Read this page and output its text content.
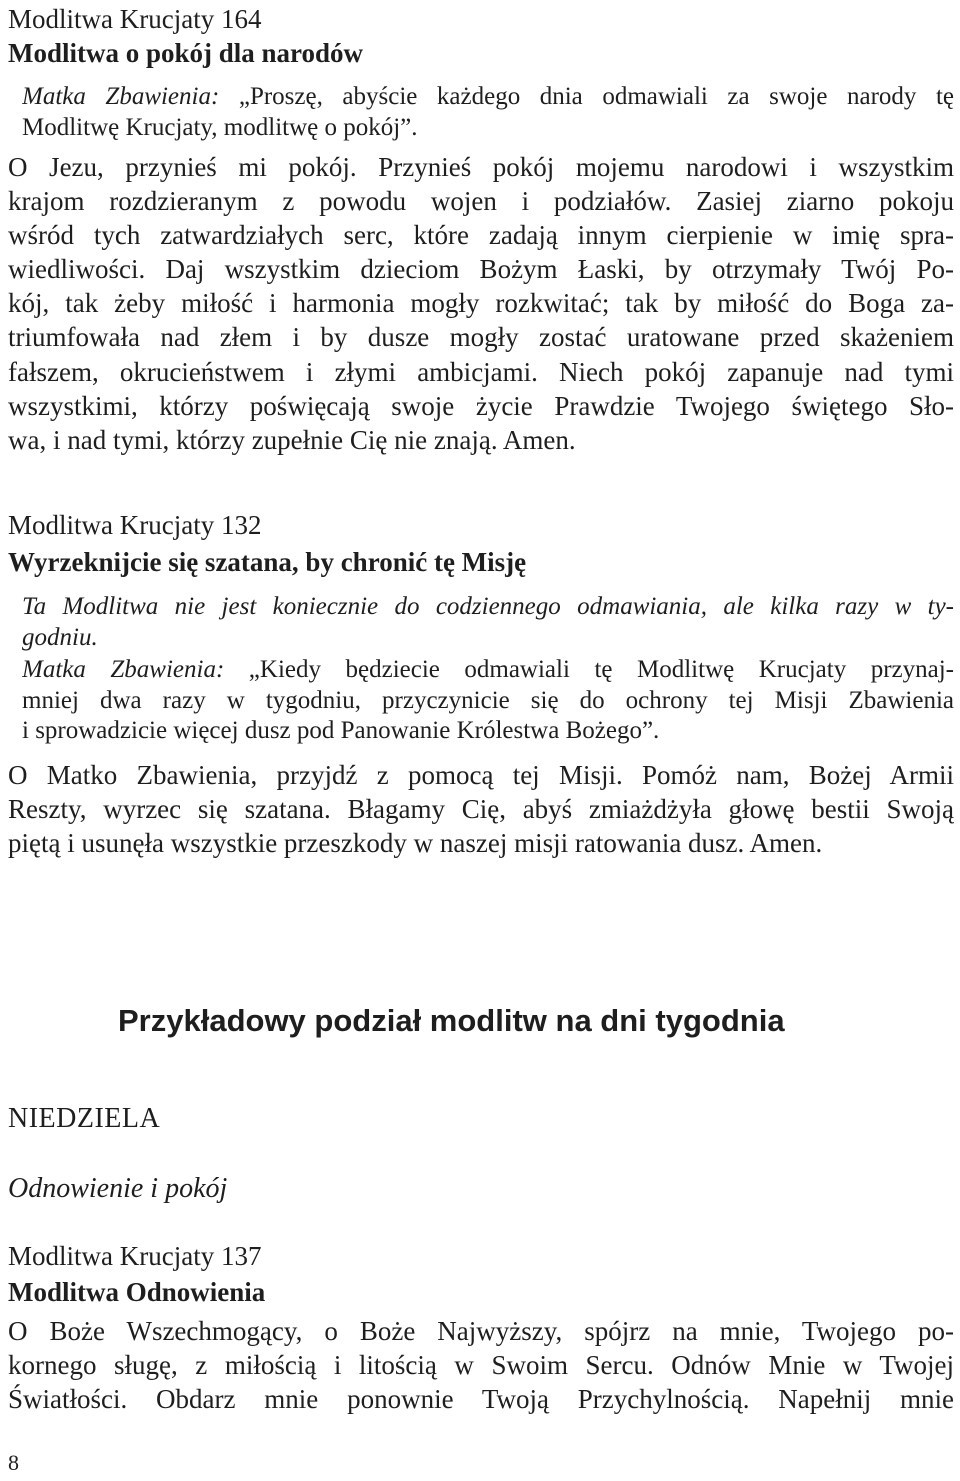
Modlitwa Krucjaty 164
Modlitwa o pokój dla narodów
Matka Zbawienia: „Proszę, abyście każdego dnia odmawiali za swoje narody tę
Modlitwę Krucjaty, modlitwę o pokój”.
O Jezu, przynieś mi pokój. Przynieś pokój mojemu narodowi i wszystkim
krajom rozdzieranym z powodu wojen i podziałów. Zasiej ziarno pokoju
wśród tych zatwardziałych serc, które zadają innym cierpienie w imię spra-
wiedliwości. Daj wszystkim dzieciom Bożym Łaski, by otrzymały Twój Po-
kój, tak żeby miłość i harmonia mogły rozkwitać; tak by miłość do Boga za-
triumfowała nad złem i by dusze mogły zostać uratowane przed skażeniem
fałszem, okrucieństwem i złymi ambicjami. Niech pokój zapanuje nad tymi
wszystkimi, którzy poświęcają swoje życie Prawdzie Twojego świętego Sło-
wa, i nad tymi, którzy zupełnie Cię nie znają. Amen.
Modlitwa Krucjaty 132
Wyrzeknijcie się szatana, by chronić tę Misję
Ta Modlitwa nie jest koniecznie do codziennego odmawiania, ale kilka razy w ty-
godniu.
Matka Zbawienia: „Kiedy będziecie odmawiali tę Modlitwę Krucjaty przynaj-
mniej dwa razy w tygodniu, przyczynicie się do ochrony tej Misji Zbawienia
i sprowadzicie więcej dusz pod Panowanie Królestwa Bożego”.
O Matko Zbawienia, przyjdź z pomocą tej Misji. Pomóż nam, Bożej Armii
Reszty, wyrzec się szatana. Błagamy Cię, abyś zmiażdżyła głowę bestii Swoją
piętą i usunęła wszystkie przeszkody w naszej misji ratowania dusz. Amen.
Przykładowy podział modlitw na dni tygodnia
NIEDZIELA
Odnowienie i pokój
Modlitwa Krucjaty 137
Modlitwa Odnowienia
O Boże Wszechmogący, o Boże Najwyższy, spójrz na mnie, Twojego po-
kornego sługę, z miłością i litością w Swoim Sercu. Odnów Mnie w Twojej
Światłości. Obdarz mnie ponownie Twoją Przychylnością. Napełnij mnie
8
